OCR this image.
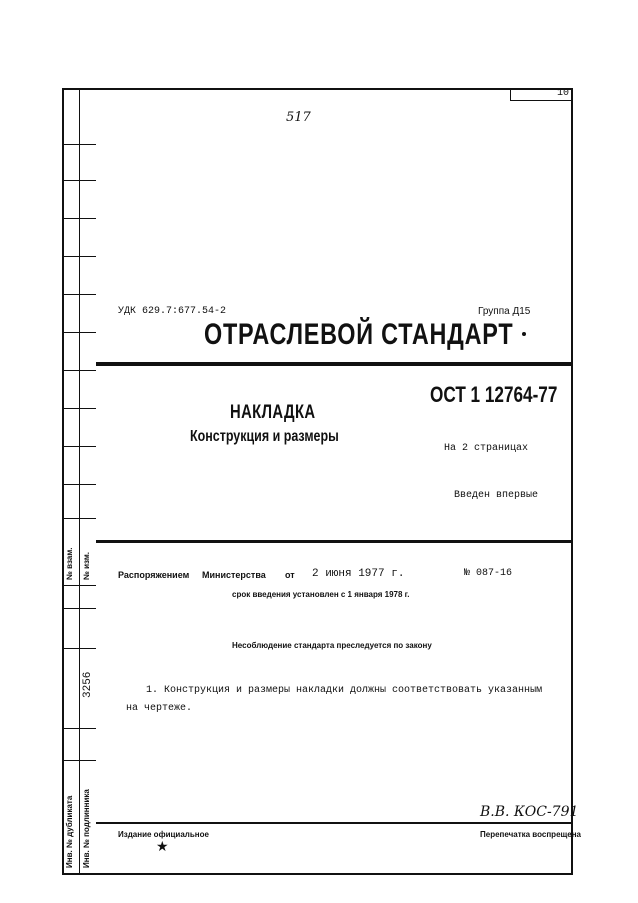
10
№ взам. № изм.
3256
Инв. № дубликата Инв. № подлинника
517
УДК 629.7:677.54-2	Группа Д15
ОТРАСЛЕВОЙ СТАНДАРТ
ОСТ 1 12764-77
НАКЛАДКА
Конструкция и размеры
На 2 страницах
Введен впервые
Распоряжением Министерства от 2 июня 1977 г.	№ 087-16
срок введения установлен с 1 января 1978 г.
Несоблюдение стандарта преследуется по закону
1. Конструкция и размеры накладки должны соответствовать указанным
на чертеже.
В.В. КОС-791
Издание официальное	Перепечатка воспрещена
★
